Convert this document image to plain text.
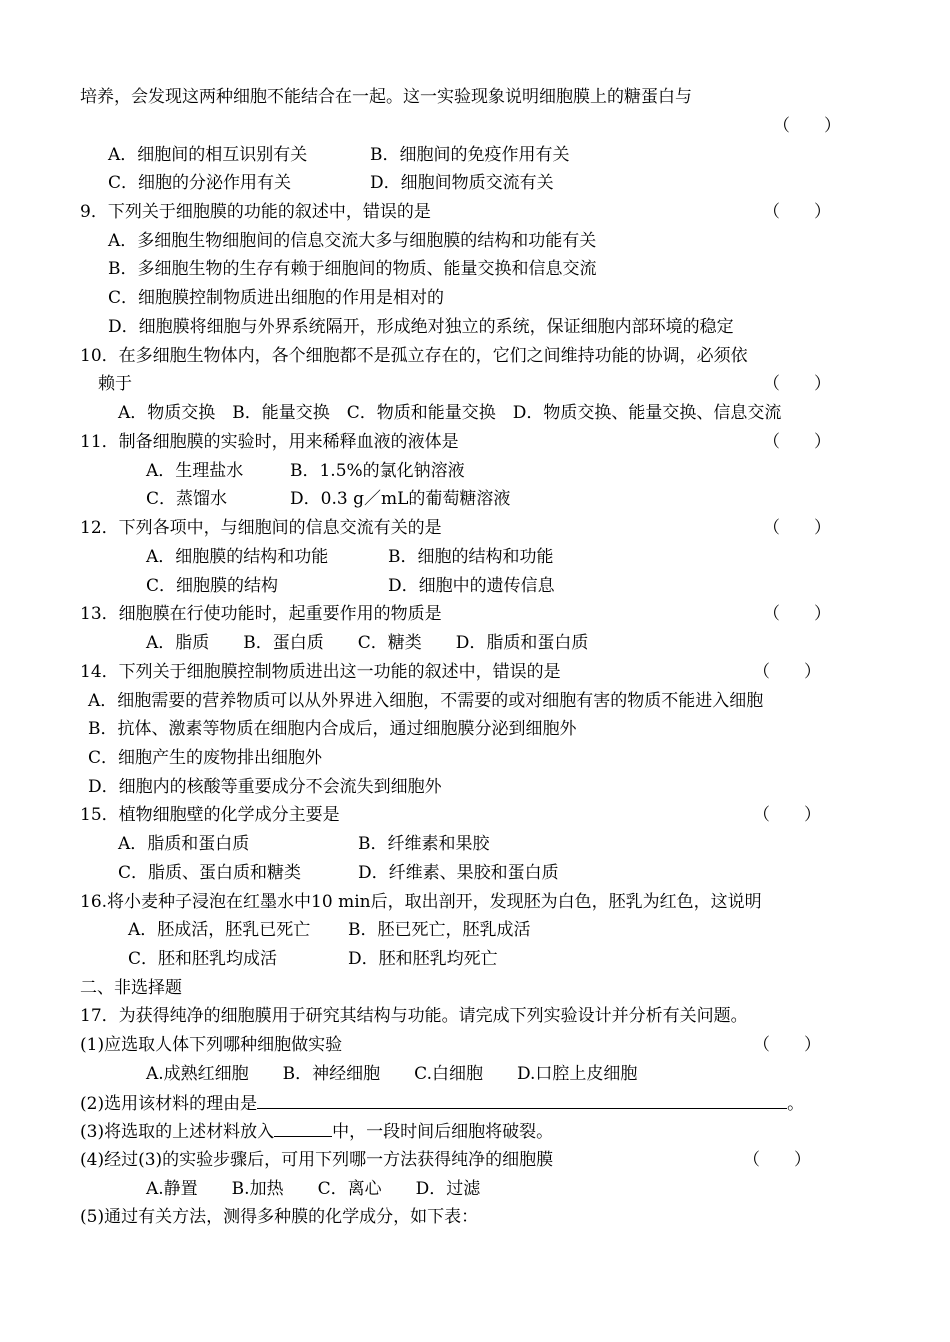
培养，会发现这两种细胞不能结合在一起。这一实验现象说明细胞膜上的糖蛋白与
（　　）
A．细胞间的相互识别有关	B．细胞间的免疫作用有关
C．细胞的分泌作用有关	D．细胞间物质交流有关
9．下列关于细胞膜的功能的叙述中，错误的是	（　　）
A．多细胞生物细胞间的信息交流大多与细胞膜的结构和功能有关
B．多细胞生物的生存有赖于细胞间的物质、能量交换和信息交流
C．细胞膜控制物质进出细胞的作用是相对的
D．细胞膜将细胞与外界系统隔开，形成绝对独立的系统，保证细胞内部环境的稳定
10．在多细胞生物体内，各个细胞都不是孤立存在的，它们之间维持功能的协调，必须依
赖于	（　　）
A．物质交换　B．能量交换　C．物质和能量交换　D．物质交换、能量交换、信息交流
11．制备细胞膜的实验时，用来稀释血液的液体是	（　　）
A．生理盐水	B．1.5%的氯化钠溶液
C．蒸馏水	D．0.3 g／mL的葡萄糖溶液
12．下列各项中，与细胞间的信息交流有关的是	（　　）
A．细胞膜的结构和功能	B．细胞的结构和功能
C．细胞膜的结构	D．细胞中的遗传信息
13．细胞膜在行使功能时，起重要作用的物质是	（　　）
A．脂质　　B．蛋白质　　C．糖类　　D．脂质和蛋白质
14．下列关于细胞膜控制物质进出这一功能的叙述中，错误的是	（　　）
A．细胞需要的营养物质可以从外界进入细胞，不需要的或对细胞有害的物质不能进入细胞
B．抗体、激素等物质在细胞内合成后，通过细胞膜分泌到细胞外
C．细胞产生的废物排出细胞外
D．细胞内的核酸等重要成分不会流失到细胞外
15．植物细胞壁的化学成分主要是	（　　）
A．脂质和蛋白质	B．纤维素和果胶
C．脂质、蛋白质和糖类	D．纤维素、果胶和蛋白质
16.将小麦种子浸泡在红墨水中10 min后，取出剖开，发现胚为白色，胚乳为红色，这说明
A．胚成活，胚乳已死亡 B．胚已死亡，胚乳成活
C．胚和胚乳均成活	D．胚和胚乳均死亡
二、非选择题
17．为获得纯净的细胞膜用于研究其结构与功能。请完成下列实验设计并分析有关问题。
(1)应选取人体下列哪种细胞做实验	（　　）
A.成熟红细胞　　B．神经细胞　　C.白细胞　　D.口腔上皮细胞
(2)选用该材料的理由是	。
(3)将选取的上述材料放入	中，一段时间后细胞将破裂。
(4)经过(3)的实验步骤后，可用下列哪一方法获得纯净的细胞膜	（　　）
A.静置　　B.加热　　C．离心　　D．过滤
(5)通过有关方法，测得多种膜的化学成分，如下表：
